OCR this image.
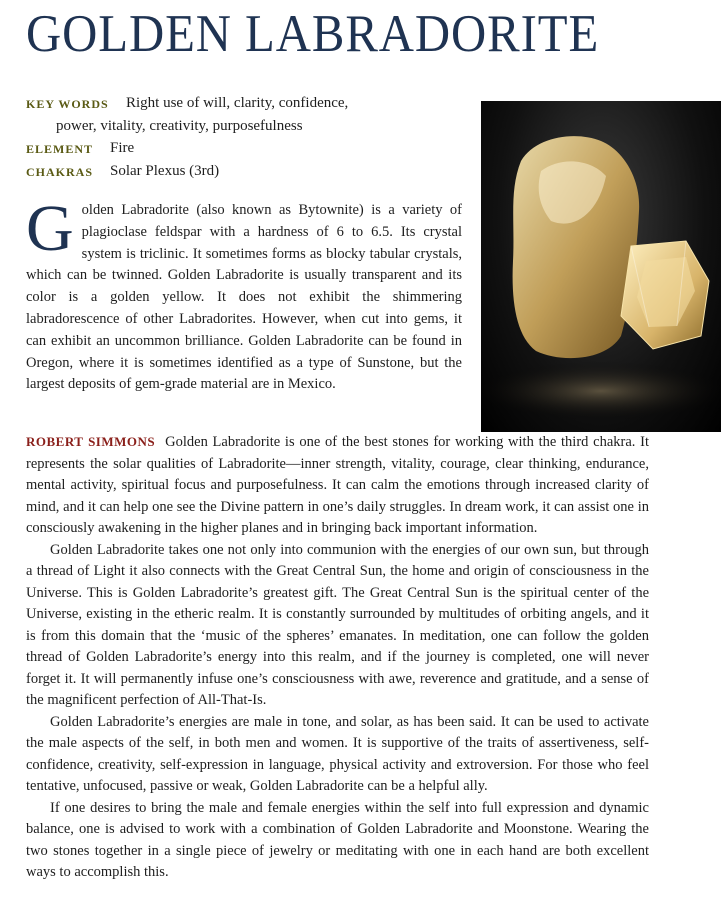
GOLDEN LABRADORITE
KEY WORDS	Right use of will, clarity, confidence,
power, vitality, creativity, purposefulness
ELEMENT	Fire
CHAKRAS	Solar Plexus (3rd)

Golden Labradorite (also known as Bytownite) is a variety of plagioclase feldspar with a hardness of 6 to 6.5. Its crystal system is triclinic. It sometimes forms as blocky tabular crystals, which can be twinned. Golden Labradorite is usually transparent and its color is a golden yellow. It does not exhibit the shimmering labradorescence of other Labradorites. However, when cut into gems, it can exhibit an uncommon brilliance. Golden Labradorite can be found in Oregon, where it is sometimes identified as a type of Sunstone, but the largest deposits of gem-grade material are in Mexico.

ROBERT SIMMONS Golden Labradorite is one of the best stones for working with the third chakra. It represents the solar qualities of Labradorite—inner strength, vitality, courage, clear thinking, endurance, mental activity, spiritual focus and purposefulness. It can calm the emotions through increased clarity of mind, and it can help one see the Divine pattern in one’s daily struggles. In dream work, it can assist one in consciously awakening in the higher planes and in bringing back important information.

Golden Labradorite takes one not only into communion with the energies of our own sun, but through a thread of Light it also connects with the Great Central Sun, the home and origin of consciousness in the Universe. This is Golden Labradorite’s greatest gift. The Great Central Sun is the spiritual center of the Universe, existing in the etheric realm. It is constantly surrounded by multitudes of orbiting angels, and it is from this domain that the ‘music of the spheres’ emanates. In meditation, one can follow the golden thread of Golden Labradorite’s energy into this realm, and if the journey is completed, one will never forget it. It will permanently infuse one’s consciousness with awe, reverence and gratitude, and a sense of the magnificent perfection of All-That-Is.

Golden Labradorite’s energies are male in tone, and solar, as has been said. It can be used to activate the male aspects of the self, in both men and women. It is supportive of the traits of assertiveness, self-confidence, creativity, self-expression in language, physical activity and extroversion. For those who feel tentative, unfocused, passive or weak, Golden Labradorite can be a helpful ally.

If one desires to bring the male and female energies within the self into full expression and dynamic balance, one is advised to work with a combination of Golden Labradorite and Moonstone. Wearing the two stones together in a single piece of jewelry or meditating with one in each hand are both excellent ways to accomplish this.
